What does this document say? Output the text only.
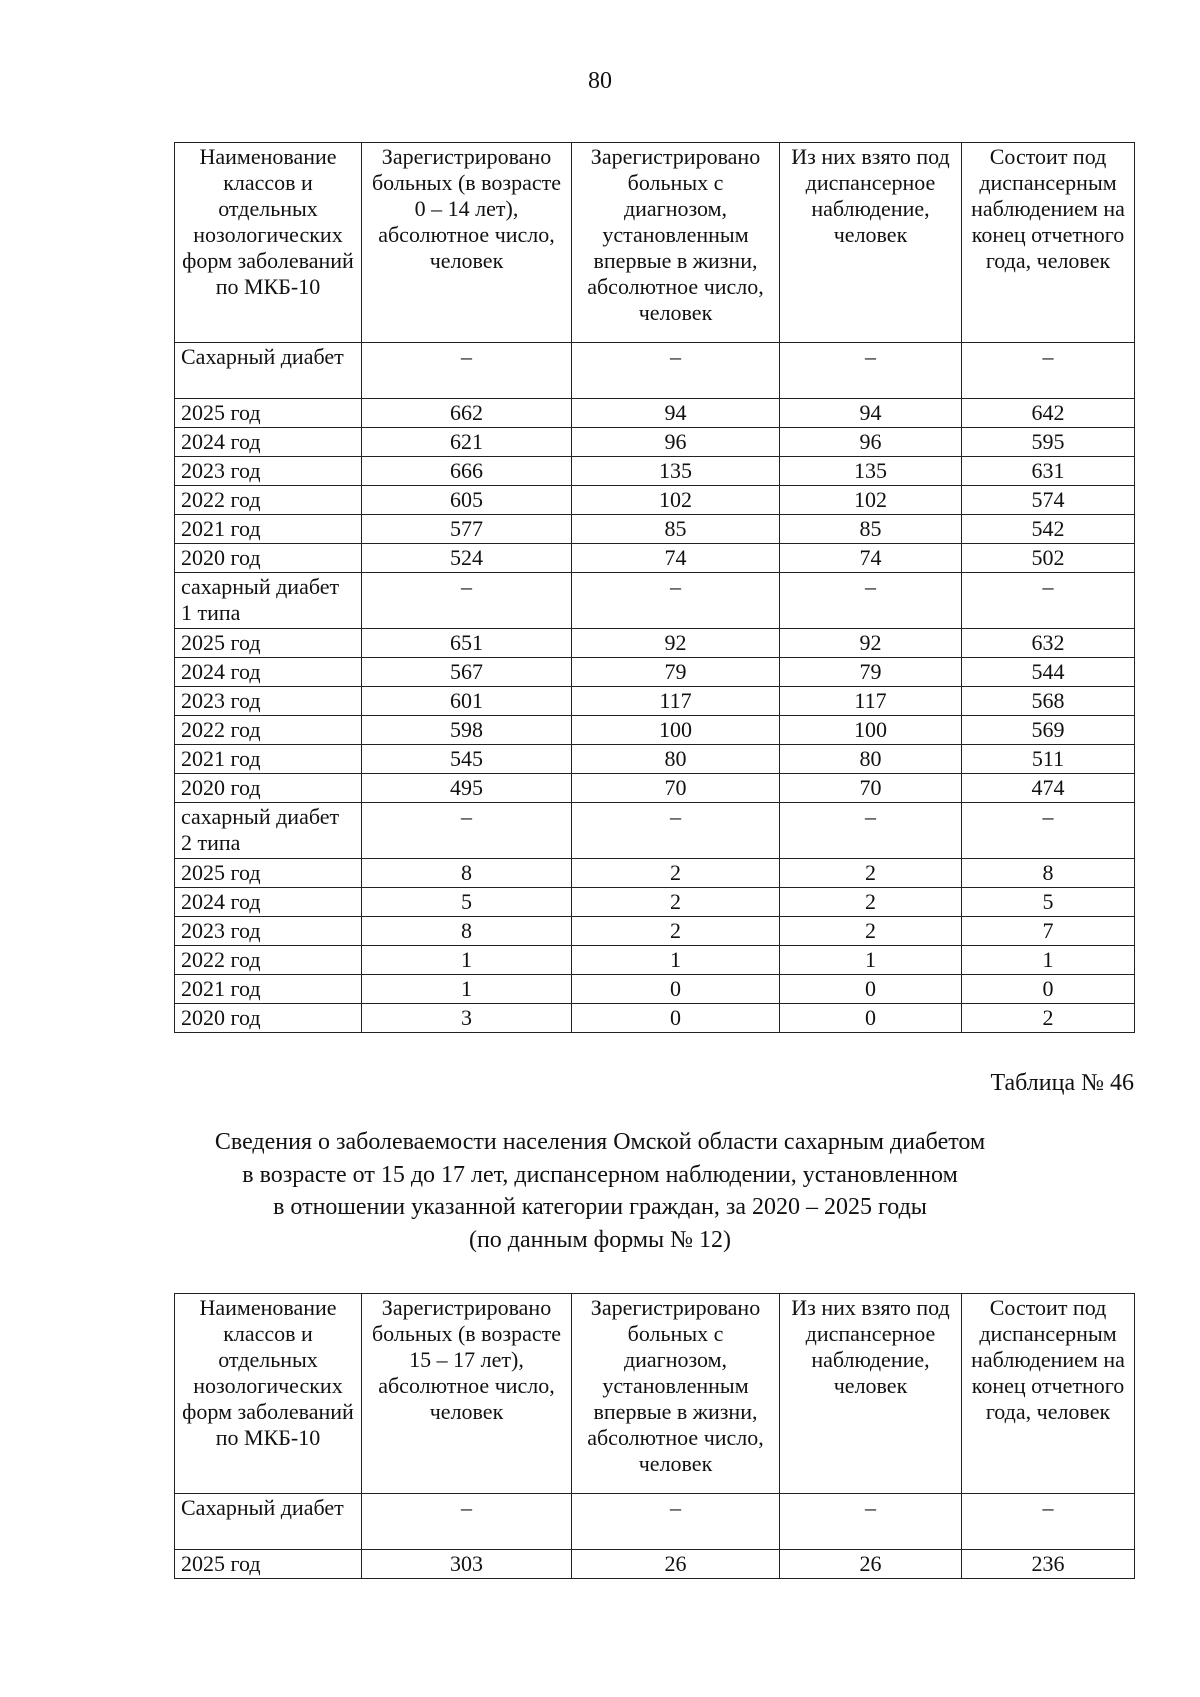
80
Наименование классов и отдельных нозологических форм заболеваний по МКБ-10	Зарегистрировано больных (в возрасте 0 – 14 лет), абсолютное число, человек	Зарегистрировано больных с диагнозом, установленным впервые в жизни, абсолютное число, человек	Из них взято под диспансерное наблюдение, человек	Состоит под диспансерным наблюдением на конец отчетного года, человек
Сахарный диабет	–	–	–	–
2025 год	662	94	94	642
2024 год	621	96	96	595
2023 год	666	135	135	631
2022 год	605	102	102	574
2021 год	577	85	85	542
2020 год	524	74	74	502
сахарный диабет 1 типа	–	–	–	–
2025 год	651	92	92	632
2024 год	567	79	79	544
2023 год	601	117	117	568
2022 год	598	100	100	569
2021 год	545	80	80	511
2020 год	495	70	70	474
сахарный диабет 2 типа	–	–	–	–
2025 год	8	2	2	8
2024 год	5	2	2	5
2023 год	8	2	2	7
2022 год	1	1	1	1
2021 год	1	0	0	0
2020 год	3	0	0	2
Таблица № 46
Сведения о заболеваемости населения Омской области сахарным диабетом
в возрасте от 15 до 17 лет, диспансерном наблюдении, установленном
в отношении указанной категории граждан, за 2020 – 2025 годы
(по данным формы № 12)
Наименование классов и отдельных нозологических форм заболеваний по МКБ-10	Зарегистрировано больных (в возрасте 15 – 17 лет), абсолютное число, человек	Зарегистрировано больных с диагнозом, установленным впервые в жизни, абсолютное число, человек	Из них взято под диспансерное наблюдение, человек	Состоит под диспансерным наблюдением на конец отчетного года, человек
Сахарный диабет	–	–	–	–
2025 год	303	26	26	236
